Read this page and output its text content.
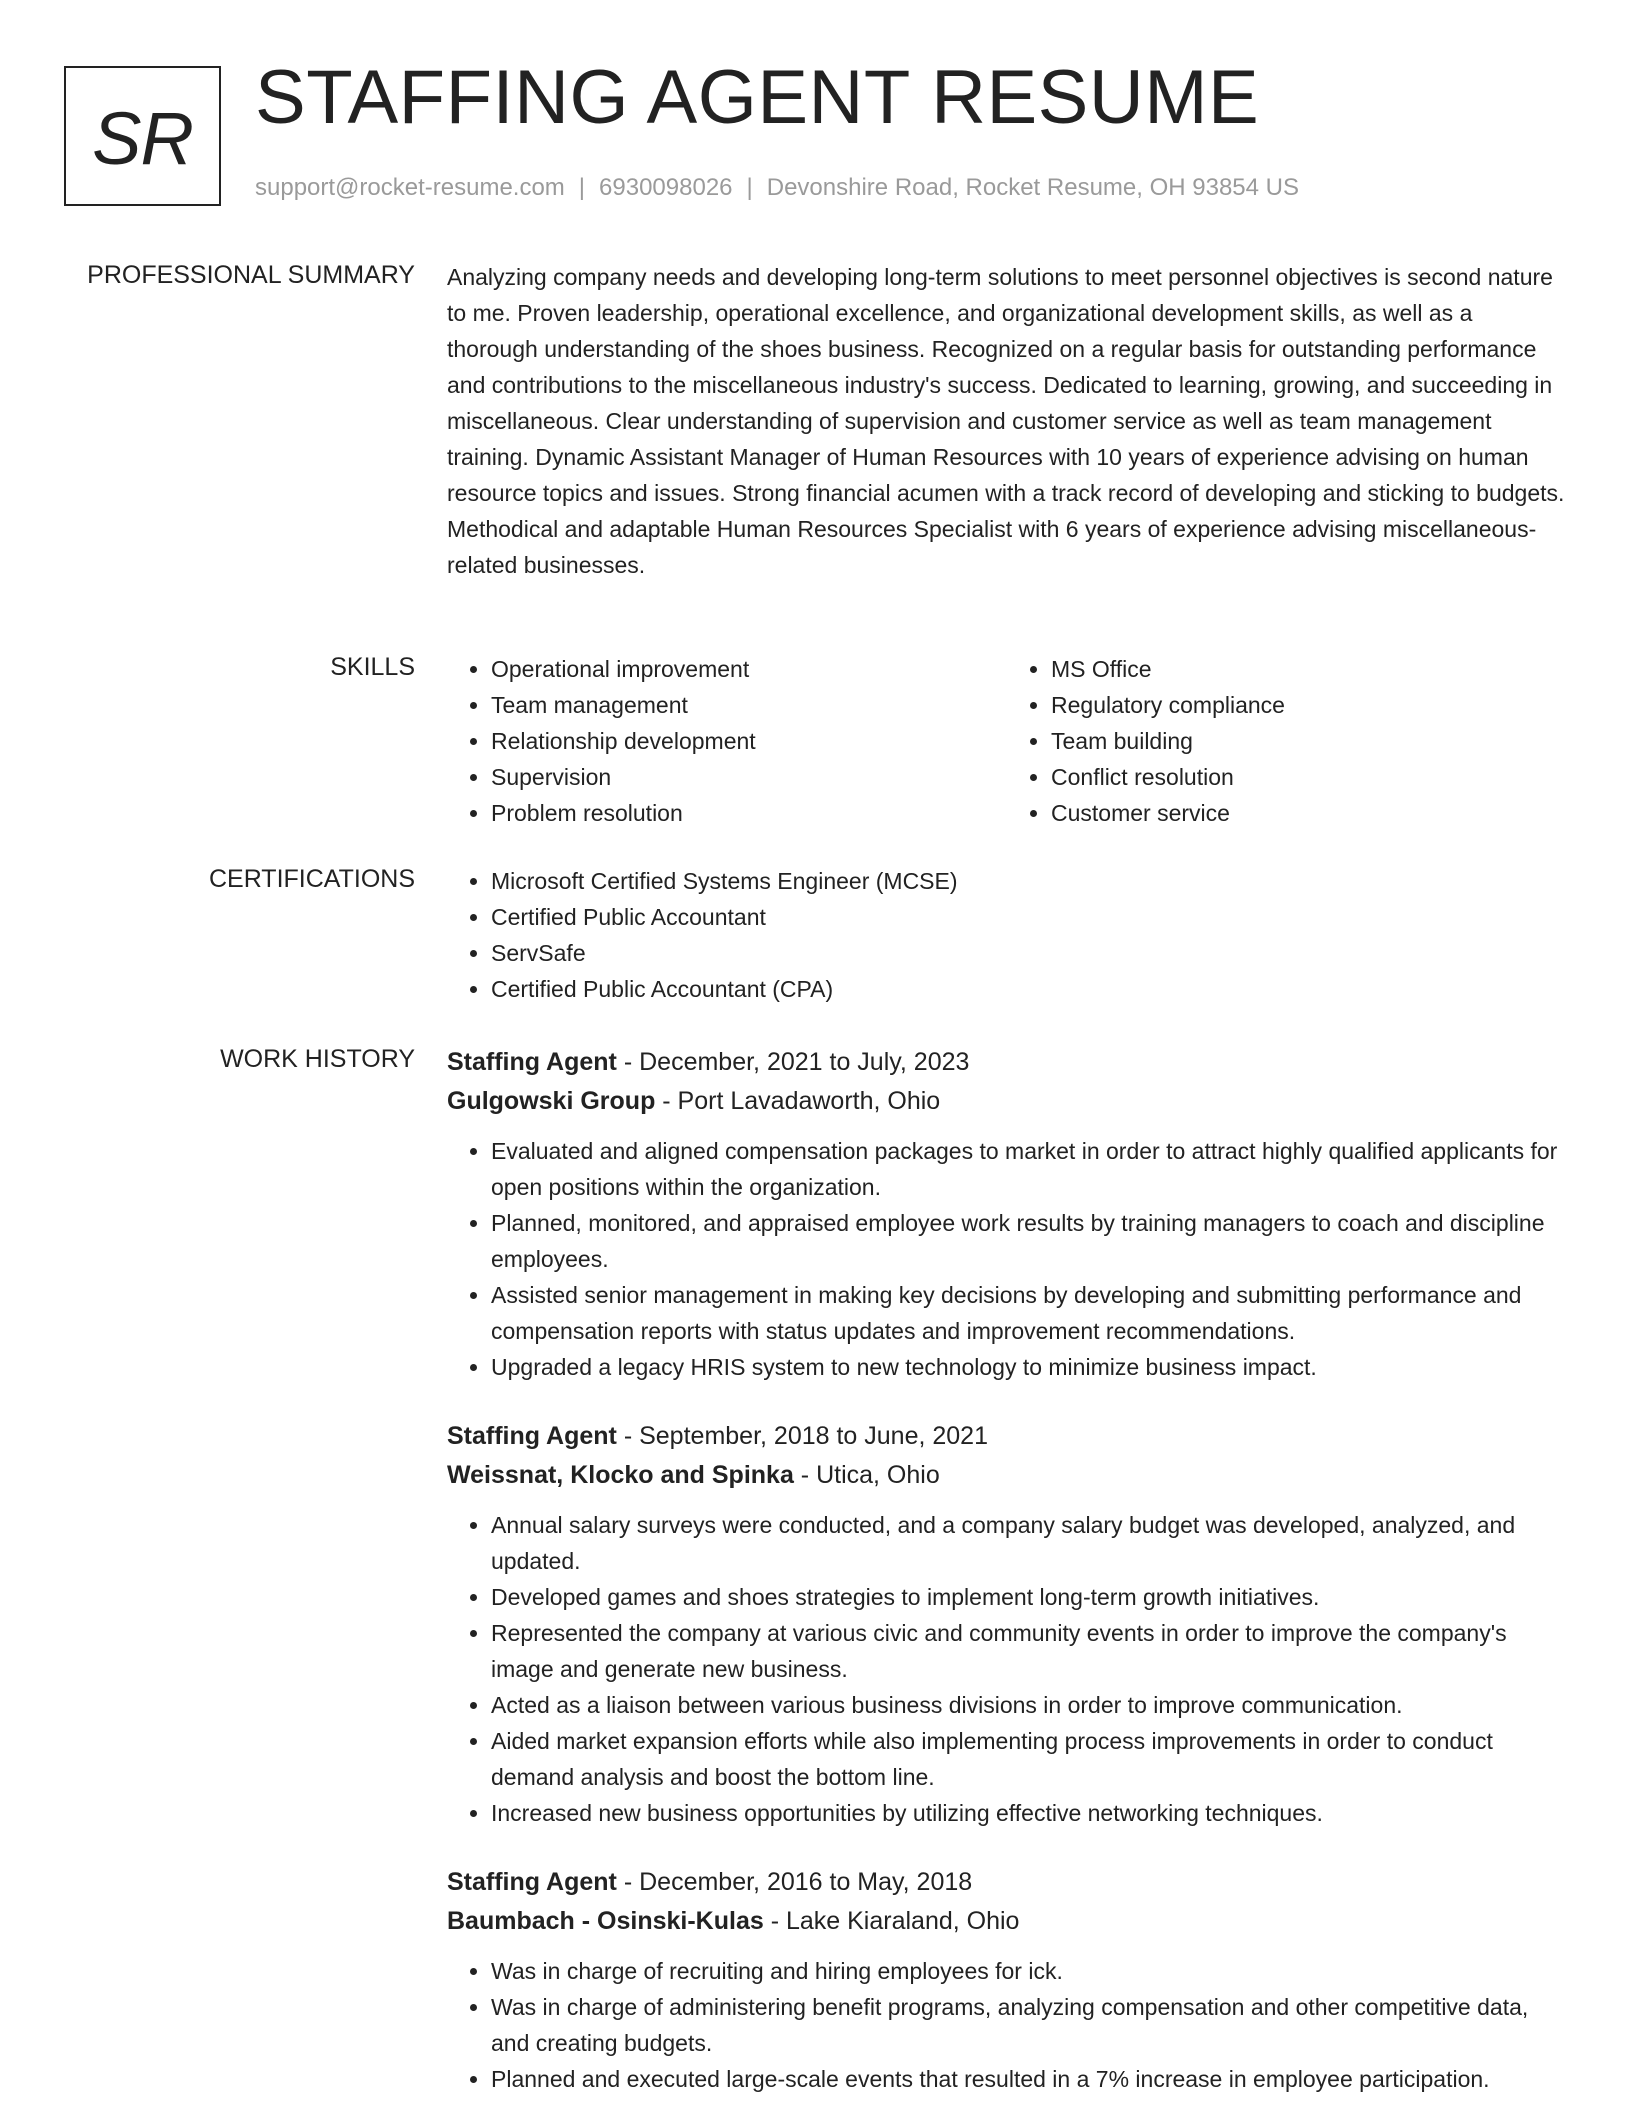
SR STAFFING AGENT RESUME
support@rocket-resume.com | 6930098026 | Devonshire Road, Rocket Resume, OH 93854 US
PROFESSIONAL SUMMARY Analyzing company needs and developing long-term solutions to meet personnel objectives is second nature to me. Proven leadership, operational excellence, and organizational development skills, as well as a thorough understanding of the shoes business. Recognized on a regular basis for outstanding performance and contributions to the miscellaneous industry's success. Dedicated to learning, growing, and succeeding in miscellaneous. Clear understanding of supervision and customer service as well as team management training. Dynamic Assistant Manager of Human Resources with 10 years of experience advising on human resource topics and issues. Strong financial acumen with a track record of developing and sticking to budgets. Methodical and adaptable Human Resources Specialist with 6 years of experience advising miscellaneous-related businesses.

SKILLS	• Operational improvement
• Team management
• Relationship development
• Supervision
• Problem resolution
• MS Office
• Regulatory compliance
• Team building
• Conflict resolution
• Customer service
CERTIFICATIONS	• Microsoft Certified Systems Engineer (MCSE)
• Certified Public Accountant
• ServSafe
• Certified Public Accountant (CPA)
WORK HISTORY Staffing Agent - December, 2021 to July, 2023
Gulgowski Group - Port Lavadaworth, Ohio
• Evaluated and aligned compensation packages to market in order to attract highly qualified applicants for open positions within the organization.
• Planned, monitored, and appraised employee work results by training managers to coach and discipline employees.
• Assisted senior management in making key decisions by developing and submitting performance and compensation reports with status updates and improvement recommendations.
• Upgraded a legacy HRIS system to new technology to minimize business impact.
Staffing Agent - September, 2018 to June, 2021
Weissnat, Klocko and Spinka - Utica, Ohio
• Annual salary surveys were conducted, and a company salary budget was developed, analyzed, and updated.
• Developed games and shoes strategies to implement long-term growth initiatives.
• Represented the company at various civic and community events in order to improve the company's image and generate new business.
• Acted as a liaison between various business divisions in order to improve communication.
• Aided market expansion efforts while also implementing process improvements in order to conduct demand analysis and boost the bottom line.
• Increased new business opportunities by utilizing effective networking techniques.
Staffing Agent - December, 2016 to May, 2018
Baumbach - Osinski-Kulas - Lake Kiaraland, Ohio
• Was in charge of recruiting and hiring employees for ick.
• Was in charge of administering benefit programs, analyzing compensation and other competitive data, and creating budgets.
• Planned and executed large-scale events that resulted in a 7% increase in employee participation.
